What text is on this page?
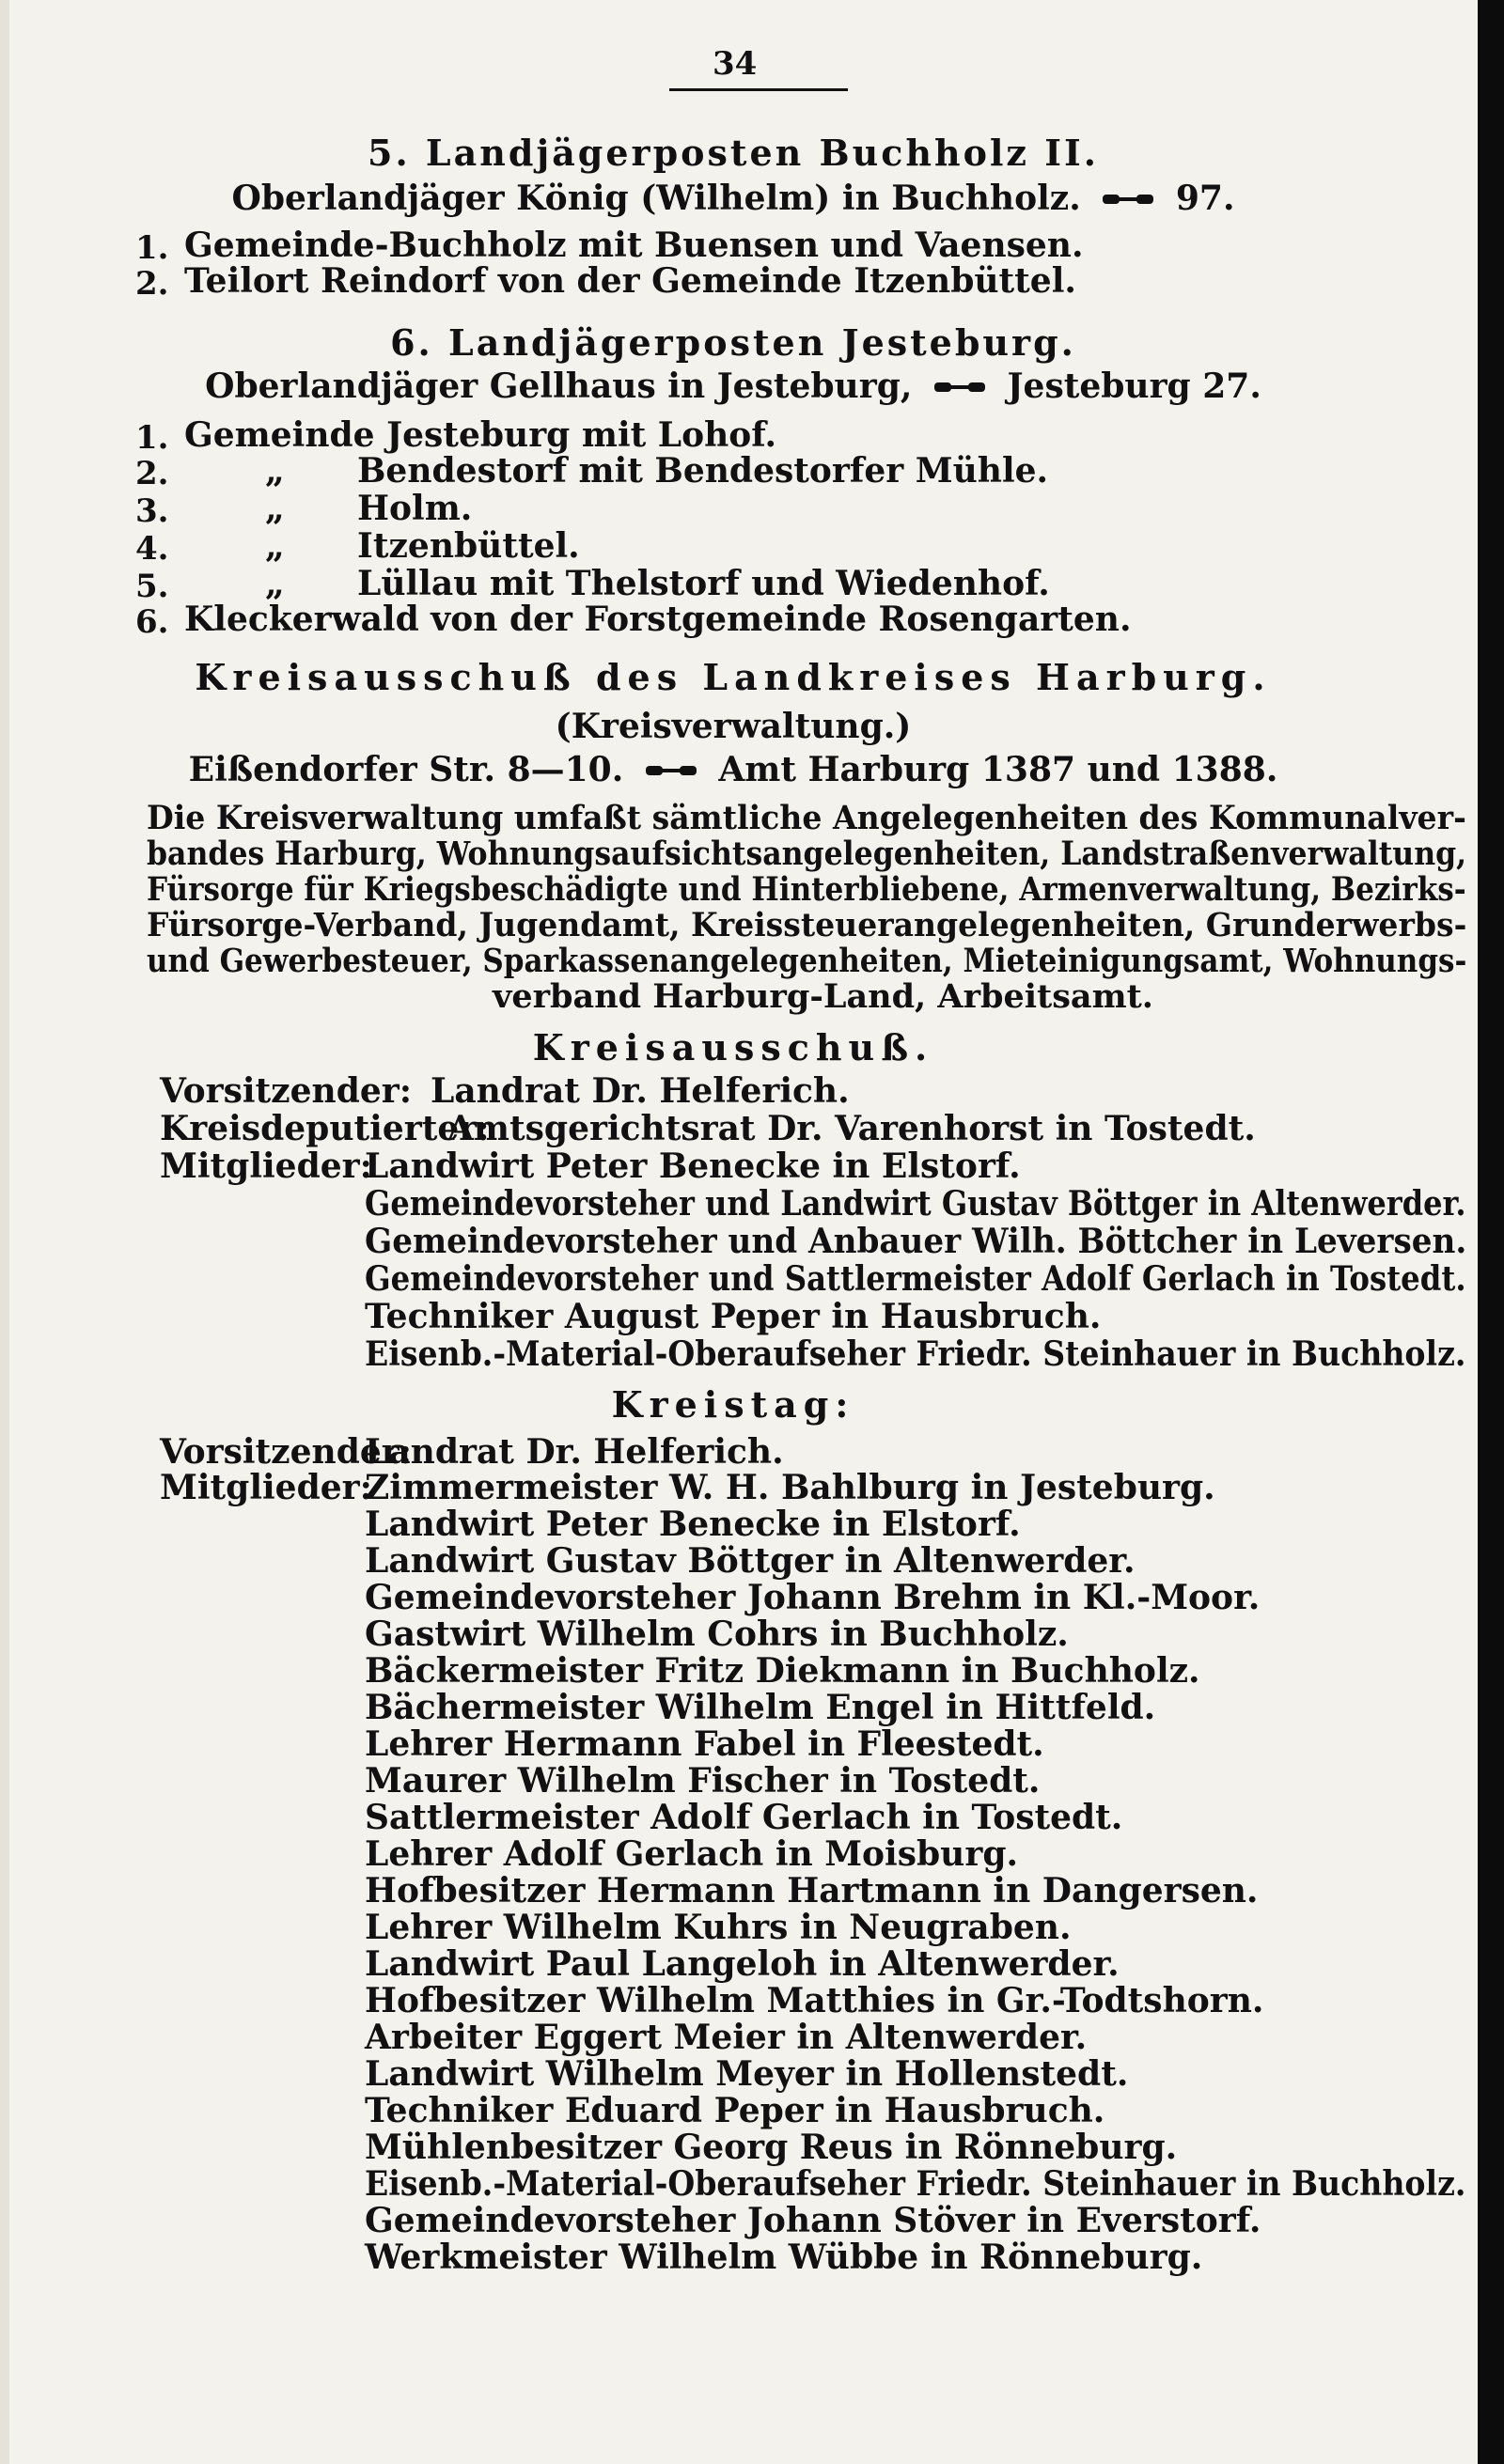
34
5. Landjägerposten Buchholz II.
Oberlandjäger König (Wilhelm) in Buchholz.	97.
1. Gemeinde-Buchholz mit Buensen und Vaensen.
2. Teilort Reindorf von der Gemeinde Itzenbüttel.
6. Landjägerposten Jesteburg.
Oberlandjäger Gellhaus in Jesteburg,	Jesteburg 27.
1. Gemeinde Jesteburg mit Lohof.
2.	„ Bendestorf mit Bendestorfer Mühle.
3.	„ Holm.
4.	„ Itzenbüttel.
5.	„ Lüllau mit Thelstorf und Wiedenhof.
6. Kleckerwald von der Forstgemeinde Rosengarten.
Kreisausschuß des Landkreises Harburg.
(Kreisverwaltung.)
Eißendorfer Str. 8—10.	Amt Harburg 1387 und 1388.
Die Kreisverwaltung umfaßt sämtliche Angelegenheiten des Kommunalver-
bandes Harburg, Wohnungsaufsichtsangelegenheiten, Landstraßenverwaltung,
Fürsorge für Kriegsbeschädigte und Hinterbliebene, Armenverwaltung, Bezirks-
Fürsorge-Verband, Jugendamt, Kreissteuerangelegenheiten, Grunderwerbs-
und Gewerbesteuer, Sparkassenangelegenheiten, Mieteinigungsamt, Wohnungs-
verband Harburg-Land, Arbeitsamt.
Kreisausschuß.
Vorsitzender: Landrat Dr. Helferich.
Kreisdeputierter:
Amtsgerichtsrat Dr. Varenhorst in Tostedt.
Mitglieder:
Landwirt Peter Benecke in Elstorf.
Gemeindevorsteher und Landwirt Gustav Böttger in Altenwerder.
Gemeindevorsteher und Anbauer Wilh. Böttcher in Leversen.
Gemeindevorsteher und Sattlermeister Adolf Gerlach in Tostedt.
Techniker August Peper in Hausbruch.
Eisenb.-Material-Oberaufseher Friedr. Steinhauer in Buchholz.
Kreistag:
Vorsitzender:
Landrat Dr. Helferich.
Mitglieder:
Zimmermeister W. H. Bahlburg in Jesteburg.
Landwirt Peter Benecke in Elstorf.
Landwirt Gustav Böttger in Altenwerder.
Gemeindevorsteher Johann Brehm in Kl.-Moor.
Gastwirt Wilhelm Cohrs in Buchholz.
Bäckermeister Fritz Diekmann in Buchholz.
Bächermeister Wilhelm Engel in Hittfeld.
Lehrer Hermann Fabel in Fleestedt.
Maurer Wilhelm Fischer in Tostedt.
Sattlermeister Adolf Gerlach in Tostedt.
Lehrer Adolf Gerlach in Moisburg.
Hofbesitzer Hermann Hartmann in Dangersen.
Lehrer Wilhelm Kuhrs in Neugraben.
Landwirt Paul Langeloh in Altenwerder.
Hofbesitzer Wilhelm Matthies in Gr.-Todtshorn.
Arbeiter Eggert Meier in Altenwerder.
Landwirt Wilhelm Meyer in Hollenstedt.
Techniker Eduard Peper in Hausbruch.
Mühlenbesitzer Georg Reus in Rönneburg.
Eisenb.-Material-Oberaufseher Friedr. Steinhauer in Buchholz.
Gemeindevorsteher Johann Stöver in Everstorf.
Werkmeister Wilhelm Wübbe in Rönneburg.
